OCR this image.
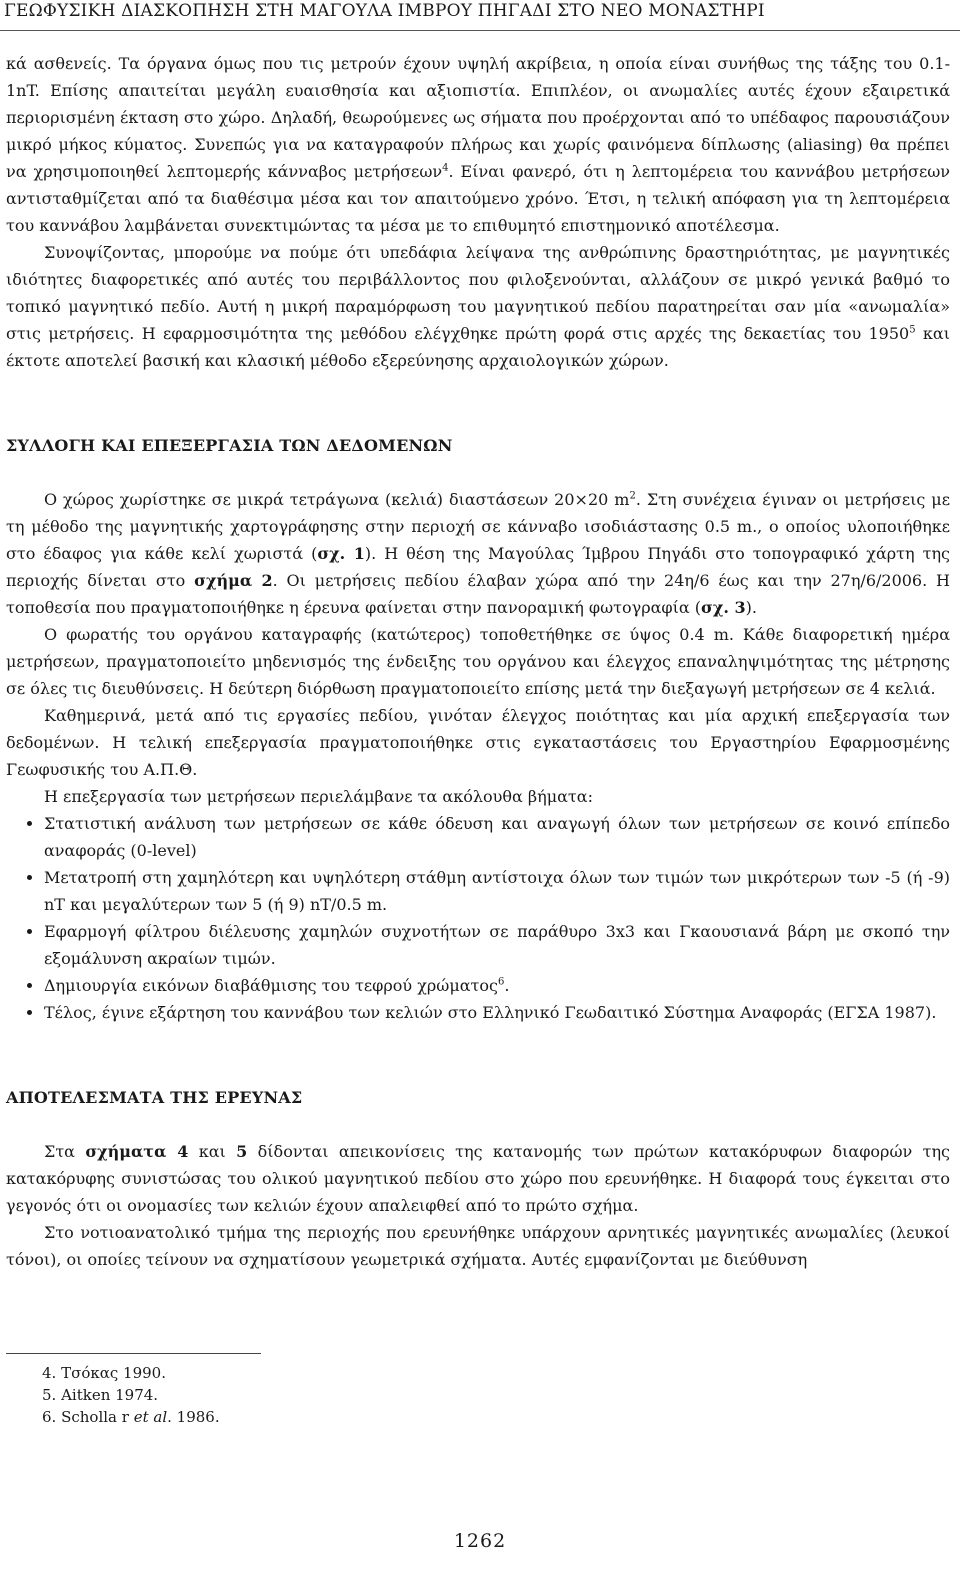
ΓΕΩΦΥΣΙΚΗ ΔΙΑΣΚΟΠΗΣΗ ΣΤΗ ΜΑΓΟΥΛΑ ΙΜΒΡΟΥ ΠΗΓΑΔΙ ΣΤΟ ΝΕΟ ΜΟΝΑΣΤΗΡΙ

κά ασθενείς. Τα όργανα όμως που τις μετρούν έχουν υψηλή ακρίβεια, η οποία είναι συνήθως της τάξης του 0.1-1nT. Επίσης απαιτείται μεγάλη ευαισθησία και αξιοπιστία. Επιπλέον, οι ανωμαλίες αυτές έχουν εξαιρετικά περιορισμένη έκταση στο χώρο. Δηλαδή, θεωρούμενες ως σήματα που προέρχονται από το υπέδαφος παρουσιάζουν μικρό μήκος κύματος. Συνεπώς για να καταγραφούν πλήρως και χωρίς φαινόμενα δίπλωσης (aliasing) θα πρέπει να χρησιμοποιηθεί λεπτομερής κάνναβος μετρήσεων$^4$. Είναι φανερό, ότι η λεπτομέρεια του καννάβου μετρήσεων αντισταθμίζεται από τα διαθέσιμα μέσα και τον απαιτούμενο χρόνο. Έτσι, η τελική απόφαση για τη λεπτομέρεια του καννάβου λαμβάνεται συνεκτιμώντας τα μέσα με το επιθυμητό επιστημονικό αποτέλεσμα.

Συνοψίζοντας, μπορούμε να πούμε ότι υπεδάφια λείψανα της ανθρώπινης δραστηριότητας, με μαγνητικές ιδιότητες διαφορετικές από αυτές του περιβάλλοντος που φιλοξενούνται, αλλάζουν σε μικρό γενικά βαθμό το τοπικό μαγνητικό πεδίο. Αυτή η μικρή παραμόρφωση του μαγνητικού πεδίου παρατηρείται σαν μία «ανωμαλία» στις μετρήσεις. Η εφαρμοσιμότητα της μεθόδου ελέγχθηκε πρώτη φορά στις αρχές της δεκαετίας του 1950$^5$ και έκτοτε αποτελεί βασική και κλασική μέθοδο εξερεύνησης αρχαιολογικών χώρων.

ΣΥΛΛΟΓΗ ΚΑΙ ΕΠΕΞΕΡΓΑΣΙΑ ΤΩΝ ΔΕΔΟΜΕΝΩΝ

Ο χώρος χωρίστηκε σε μικρά τετράγωνα (κελιά) διαστάσεων 20×20 $m^2$. Στη συνέχεια έγιναν οι μετρήσεις με τη μέθοδο της μαγνητικής χαρτογράφησης στην περιοχή σε κάνναβο ισοδιάστασης 0.5 m., ο οποίος υλοποιήθηκε στο έδαφος για κάθε κελί χωριστά (σχ. 1). Η θέση της Μαγούλας Ίμβρου Πηγάδι στο τοπογραφικό χάρτη της περιοχής δίνεται στο σχήμα 2. Οι μετρήσεις πεδίου έλαβαν χώρα από την 24η/6 έως και την 27η/6/2006. Η τοποθεσία που πραγματοποιήθηκε η έρευνα φαίνεται στην πανοραμική φωτογραφία (σχ. 3).

Ο φωρατής του οργάνου καταγραφής (κατώτερος) τοποθετήθηκε σε ύψος 0.4 m. Κάθε διαφορετική ημέρα μετρήσεων, πραγματοποιείτο μηδενισμός της ένδειξης του οργάνου και έλεγχος επαναληψιμότητας της μέτρησης σε όλες τις διευθύνσεις. Η δεύτερη διόρθωση πραγματοποιείτο επίσης μετά την διεξαγωγή μετρήσεων σε 4 κελιά.

Καθημερινά, μετά από τις εργασίες πεδίου, γινόταν έλεγχος ποιότητας και μία αρχική επεξεργασία των δεδομένων. Η τελική επεξεργασία πραγματοποιήθηκε στις εγκαταστάσεις του Εργαστηρίου Εφαρμοσμένης Γεωφυσικής του Α.Π.Θ.

Η επεξεργασία των μετρήσεων περιελάμβανε τα ακόλουθα βήματα:

• Στατιστική ανάλυση των μετρήσεων σε κάθε όδευση και αναγωγή όλων των μετρήσεων σε κοινό επίπεδο αναφοράς (0-level)
• Μετατροπή στη χαμηλότερη και υψηλότερη στάθμη αντίστοιχα όλων των τιμών των μικρότερων των -5 (ή -9) nT και μεγαλύτερων των 5 (ή 9) nT/0.5 m.
• Εφαρμογή φίλτρου διέλευσης χαμηλών συχνοτήτων σε παράθυρο 3x3 και Γκαουσιανά βάρη με σκοπό την εξομάλυνση ακραίων τιμών.
• Δημιουργία εικόνων διαβάθμισης του τεφρού χρώματος$^6$.
• Τέλος, έγινε εξάρτηση του καννάβου των κελιών στο Ελληνικό Γεωδαιτικό Σύστημα Αναφοράς (ΕΓΣΑ 1987).
ΑΠΟΤΕΛΕΣΜΑΤΑ ΤΗΣ ΕΡΕΥΝΑΣ

Στα σχήματα 4 και 5 δίδονται απεικονίσεις της κατανομής των πρώτων κατακόρυφων διαφορών της κατακόρυφης συνιστώσας του ολικού μαγνητικού πεδίου στο χώρο που ερευνήθηκε. Η διαφορά τους έγκειται στο γεγονός ότι οι ονομασίες των κελιών έχουν απαλειφθεί από το πρώτο σχήμα.

Στο νοτιοανατολικό τμήμα της περιοχής που ερευνήθηκε υπάρχουν αρνητικές μαγνητικές ανωμαλίες (λευκοί τόνοι), οι οποίες τείνουν να σχηματίσουν γεωμετρικά σχήματα. Αυτές εμφανίζονται με διεύθυνση

4. Τσόκας 1990.
5. Aitken 1974.
6. Scholla r et al. 1986.
1262
